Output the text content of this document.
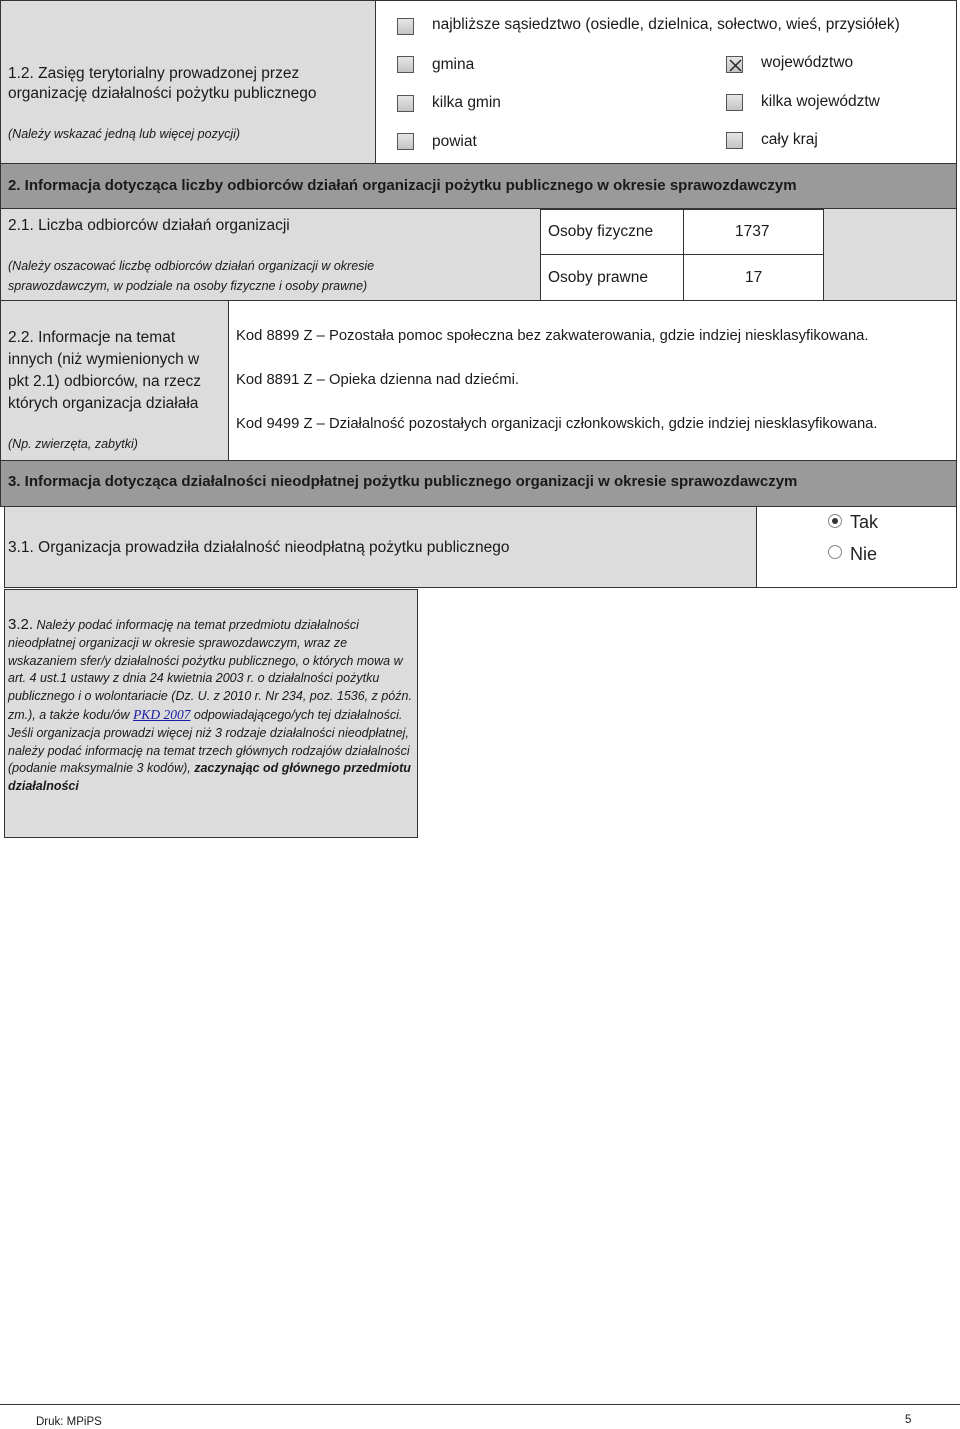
1.2. Zasięg terytorialny prowadzonej przez
organizację działalności pożytku publicznego
(Należy wskazać jedną lub więcej pozycji)
najbliższe sąsiedztwo (osiedle, dzielnica, sołectwo, wieś, przysiółek)
gmina	województwo
kilka gmin	kilka województw
powiat	cały kraj
2. Informacja dotycząca liczby odbiorców działań organizacji pożytku publicznego w okresie sprawozdawczym
2.1. Liczba odbiorców działań organizacji
(Należy oszacować liczbę odbiorców działań organizacji w okresie
sprawozdawczym, w podziale na osoby fizyczne i osoby prawne)
Osoby fizyczne	1737
Osoby prawne	17
2.2. Informacje na temat
innych (niż wymienionych w
pkt 2.1) odbiorców, na rzecz
których organizacja działała
(Np. zwierzęta, zabytki)
Kod 8899 Z – Pozostała pomoc społeczna bez zakwaterowania, gdzie indziej niesklasyfikowana.
Kod 8891 Z – Opieka dzienna nad dziećmi.
Kod 9499 Z – Działalność pozostałych organizacji członkowskich, gdzie indziej niesklasyfikowana.
3. Informacja dotycząca działalności nieodpłatnej pożytku publicznego organizacji w okresie sprawozdawczym
3.1. Organizacja prowadziła działalność nieodpłatną pożytku publicznego
Tak
Nie
3.2. Należy podać informację na temat przedmiotu działalności nieodpłatnej organizacji w okresie sprawozdawczym, wraz ze wskazaniem sfer/y działalności pożytku publicznego, o których mowa w art. 4 ust.1 ustawy z dnia 24 kwietnia 2003 r. o działalności pożytku publicznego i o wolontariacie (Dz. U. z 2010 r. Nr 234, poz. 1536, z późn. zm.), a także kodu/ów PKD 2007 odpowiadającego/ych tej działalności. Jeśli organizacja prowadzi więcej niż 3 rodzaje działalności nieodpłatnej, należy podać informację na temat trzech głównych rodzajów działalności (podanie maksymalnie 3 kodów), zaczynając od głównego przedmiotu działalności
Druk: MPiPS	5
